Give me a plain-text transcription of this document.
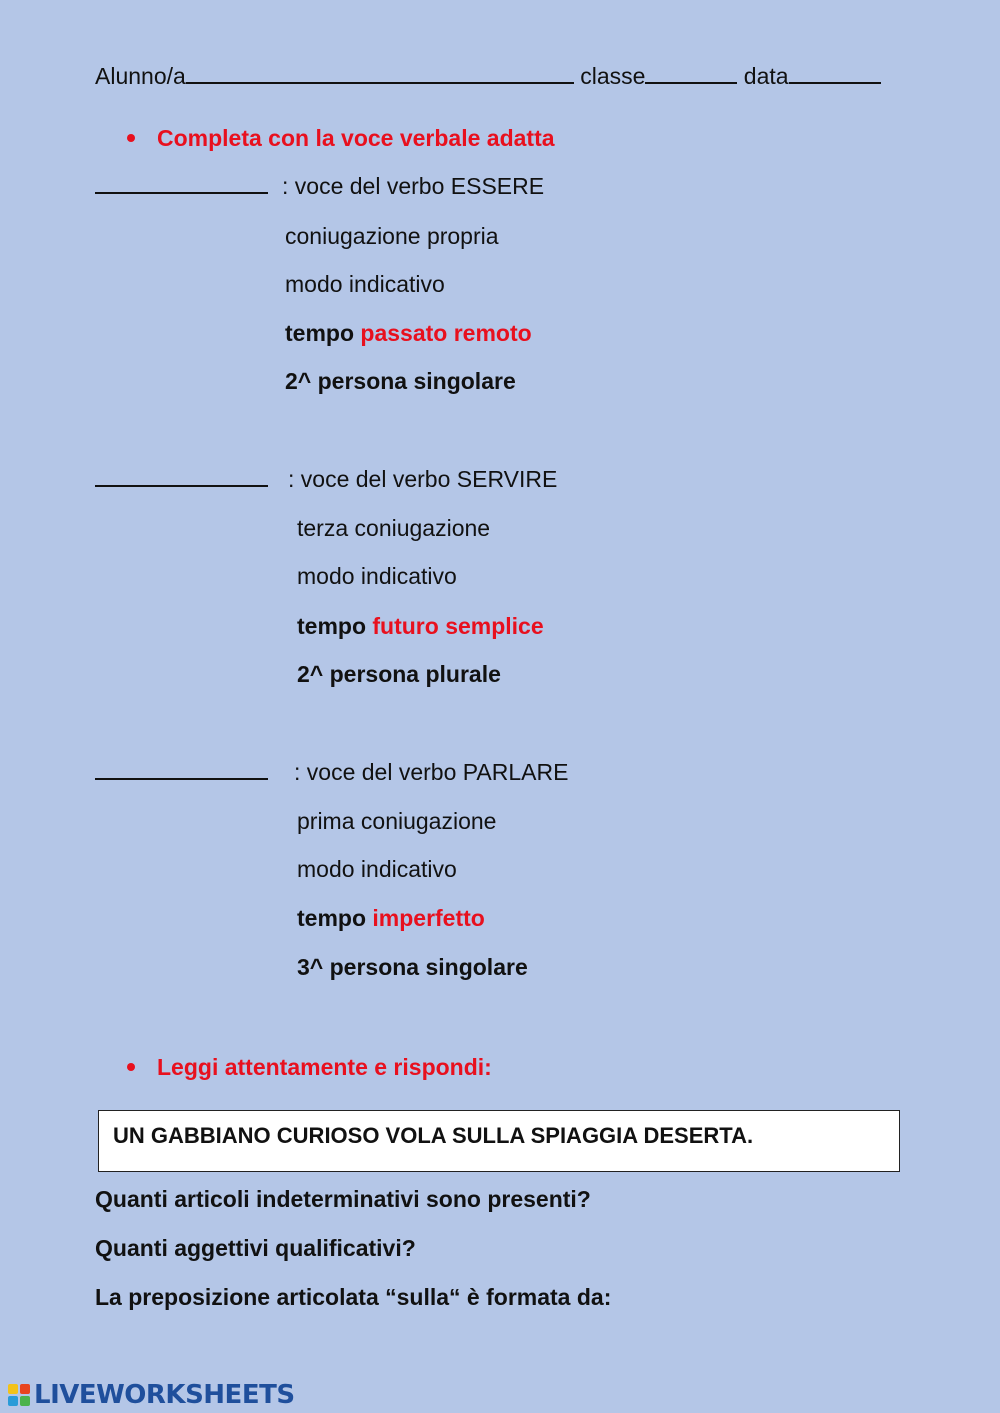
Alunno/a	classe	data
Completa con la voce verbale adatta
: voce del verbo ESSERE
coniugazione propria
modo indicativo
tempo passato remoto
2^ persona singolare
: voce del verbo SERVIRE
terza coniugazione
modo indicativo
tempo futuro semplice
2^ persona plurale
: voce del verbo PARLARE
prima coniugazione
modo indicativo
tempo imperfetto
3^ persona singolare
Leggi attentamente e rispondi:
UN GABBIANO CURIOSO VOLA SULLA SPIAGGIA DESERTA.
Quanti articoli indeterminativi sono presenti?
Quanti aggettivi qualificativi?
La preposizione articolata “sulla“ è formata da:
LIVEWORKSHEETS
